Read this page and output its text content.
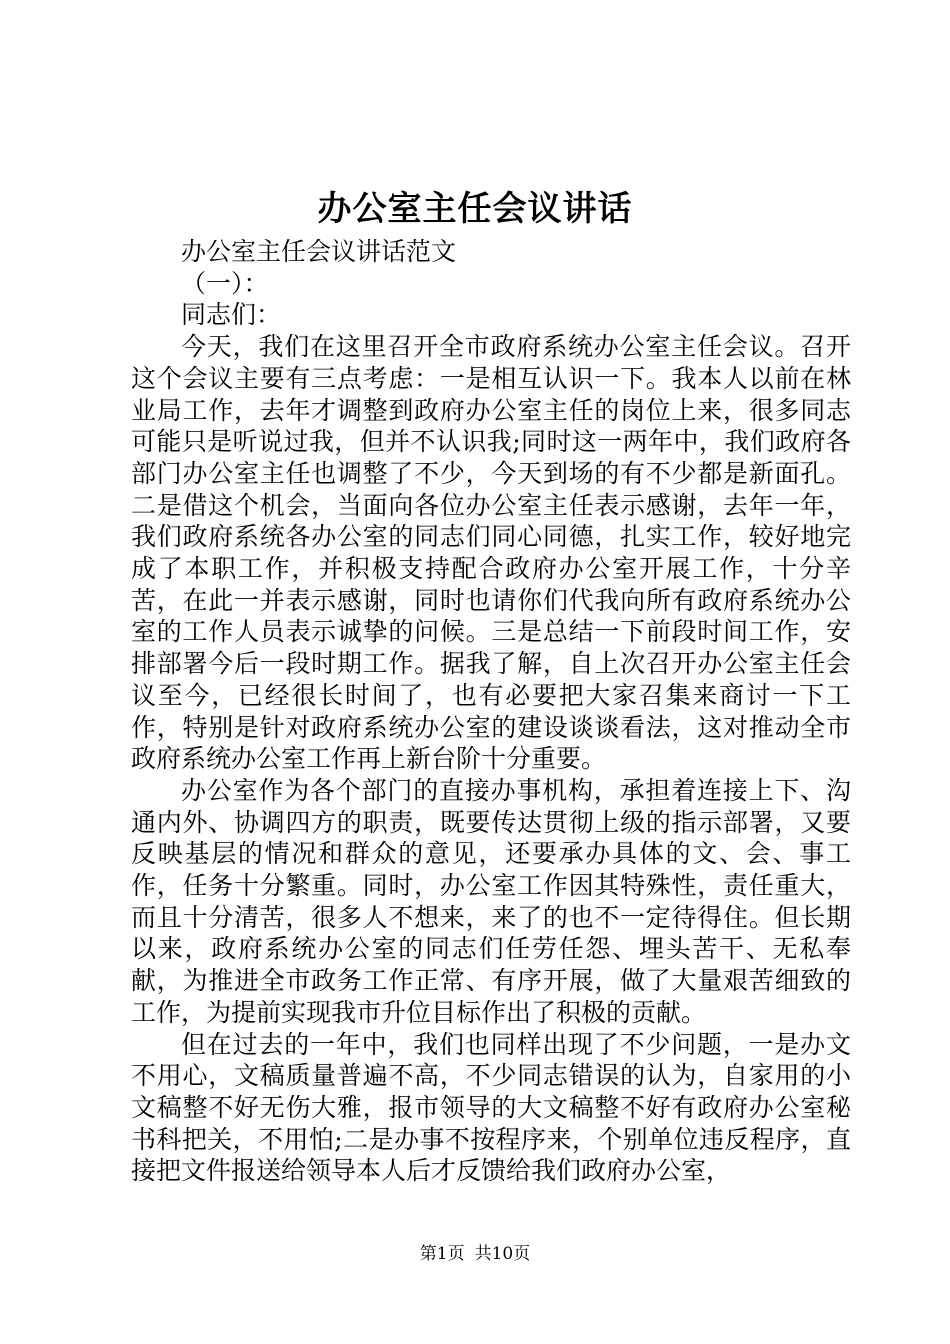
办公室主任会议讲话

办公室主任会议讲话范文

（一）：

同志们：

今天，我们在这里召开全市政府系统办公室主任会议。召开这个会议主要有三点考虑：一是相互认识一下。我本人以前在林业局工作，去年才调整到政府办公室主任的岗位上来，很多同志可能只是听说过我，但并不认识我;同时这一两年中，我们政府各部门办公室主任也调整了不少，今天到场的有不少都是新面孔。二是借这个机会，当面向各位办公室主任表示感谢，去年一年，我们政府系统各办公室的同志们同心同德，扎实工作，较好地完成了本职工作，并积极支持配合政府办公室开展工作，十分辛苦，在此一并表示感谢，同时也请你们代我向所有政府系统办公室的工作人员表示诚挚的问候。三是总结一下前段时间工作，安排部署今后一段时期工作。据我了解，自上次召开办公室主任会议至今，已经很长时间了，也有必要把大家召集来商讨一下工作，特别是针对政府系统办公室的建设谈谈看法，这对推动全市政府系统办公室工作再上新台阶十分重要。

办公室作为各个部门的直接办事机构，承担着连接上下、沟通内外、协调四方的职责，既要传达贯彻上级的指示部署，又要反映基层的情况和群众的意见，还要承办具体的文、会、事工作，任务十分繁重。同时，办公室工作因其特殊性，责任重大，而且十分清苦，很多人不想来，来了的也不一定待得住。但长期以来，政府系统办公室的同志们任劳任怨、埋头苦干、无私奉献，为推进全市政务工作正常、有序开展，做了大量艰苦细致的工作，为提前实现我市升位目标作出了积极的贡献。

但在过去的一年中，我们也同样出现了不少问题，一是办文不用心，文稿质量普遍不高，不少同志错误的认为，自家用的小文稿整不好无伤大雅，报市领导的大文稿整不好有政府办公室秘书科把关，不用怕;二是办事不按程序来，个别单位违反程序，直接把文件报送给领导本人后才反馈给我们政府办公室，

第1页 共10页
